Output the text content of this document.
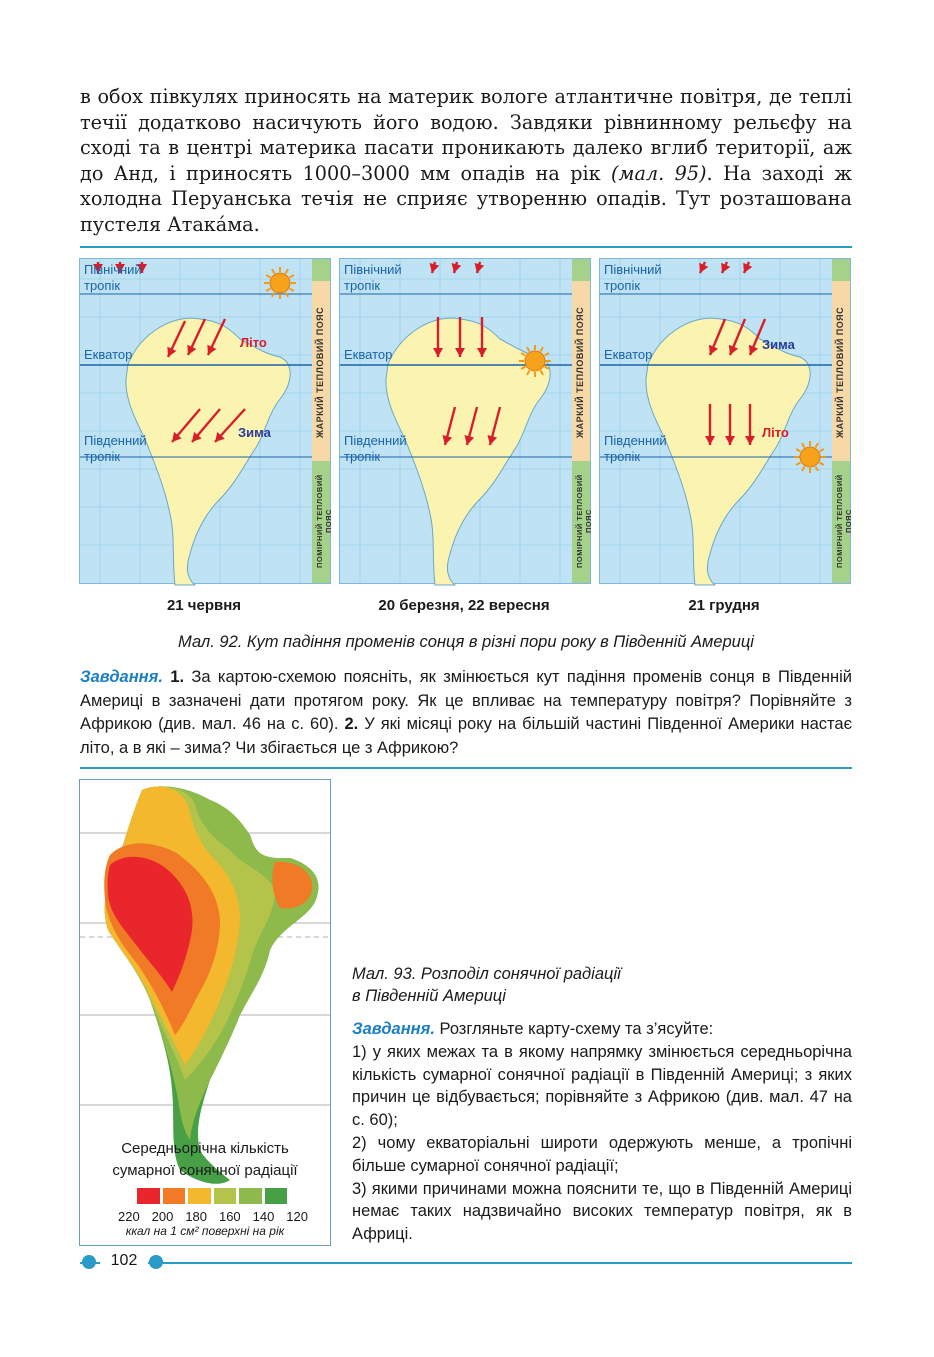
в обох півкулях приносять на материк вологе атлантичне повітря, де теплі течії додатково насичують його водою. Завдяки рівнинному рельєфу на сході та в центрі материка пасати проникають далеко вглиб території, аж до Анд, і приносять 1000–3000 мм опадів на рік (мал. 95). На заході ж холодна Перуанська течія не сприяє утворенню опадів. Тут розташована пустеля Атака́ма.

Північний тропік
Екватор
Південний тропік
Літо
Зима	ЖАРКИЙ ТЕПЛОВИЙ ПОЯС
ПОМІРНИЙ ТЕПЛОВИЙ ПОЯС
Північний тропік
Екватор
Південний тропік
ЖАРКИЙ ТЕПЛОВИЙ ПОЯС
ПОМІРНИЙ ТЕПЛОВИЙ ПОЯС
Північний тропік
Екватор
Південний тропік
Зима
Літо	ЖАРКИЙ ТЕПЛОВИЙ ПОЯС
ПОМІРНИЙ ТЕПЛОВИЙ ПОЯС
21 червня	20 березня, 22 вересня	21 грудня
Мал. 92. Кут падіння променів сонця в різні пори року в Південній Америці

Завдання. 1. За картою-схемою поясніть, як змінюється кут падіння променів сонця в Південній Америці в зазначені дати протягом року. Як це впливає на температуру повітря? Порівняйте з Африкою (див. мал. 46 на с. 60). 2. У які місяці року на більшій частині Південної Америки настає літо, а в які – зима? Чи збігається це з Африкою?

Середньорічна кількість
сумарної сонячної радіації
220 200 180 160 140 120
ккал на 1 см² поверхні на рік
Мал. 93. Розподіл сонячної радіації
в Південній Америці

Завдання. Розгляньте карту-схему та з’ясуйте:

1) у яких межах та в якому напрямку змінюється середньорічна кількість сумарної сонячної радіації в Південній Америці; з яких причин це відбувається; порівняйте з Африкою (див. мал. 47 на с. 60);

2) чому екваторіальні широти одержують менше, а тропічні більше сумарної сонячної радіації;

3) якими причинами можна пояснити те, що в Південній Америці немає таких надзвичайно високих температур повітря, як в Африці.

102
